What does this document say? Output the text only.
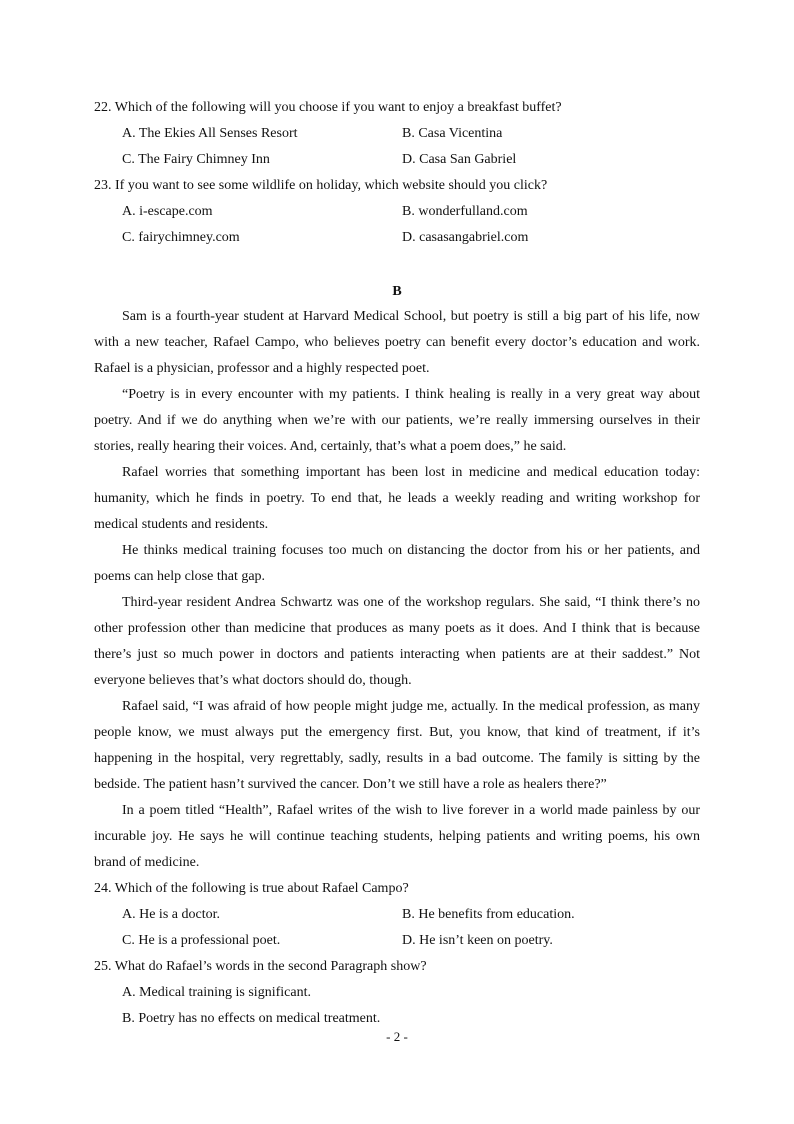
22. Which of the following will you choose if you want to enjoy a breakfast buffet?
A. The Ekies All Senses Resort	B. Casa Vicentina
C. The Fairy Chimney Inn	D. Casa San Gabriel
23. If you want to see some wildlife on holiday, which website should you click?
A. i-escape.com	B. wonderfulland.com
C. fairychimney.com	D. casasangabriel.com
B

Sam is a fourth-year student at Harvard Medical School, but poetry is still a big part of his life, now with a new teacher, Rafael Campo, who believes poetry can benefit every doctor’s education and work. Rafael is a physician, professor and a highly respected poet.

“Poetry is in every encounter with my patients. I think healing is really in a very great way about poetry. And if we do anything when we’re with our patients, we’re really immersing ourselves in their stories, really hearing their voices. And, certainly, that’s what a poem does,” he said.

Rafael worries that something important has been lost in medicine and medical education today: humanity, which he finds in poetry. To end that, he leads a weekly reading and writing workshop for medical students and residents.

He thinks medical training focuses too much on distancing the doctor from his or her patients, and poems can help close that gap.

Third-year resident Andrea Schwartz was one of the workshop regulars. She said, “I think there’s no other profession other than medicine that produces as many poets as it does. And I think that is because there’s just so much power in doctors and patients interacting when patients are at their saddest.” Not everyone believes that’s what doctors should do, though.

Rafael said, “I was afraid of how people might judge me, actually. In the medical profession, as many people know, we must always put the emergency first. But, you know, that kind of treatment, if it’s happening in the hospital, very regrettably, sadly, results in a bad outcome. The family is sitting by the bedside. The patient hasn’t survived the cancer. Don’t we still have a role as healers there?”

In a poem titled “Health”, Rafael writes of the wish to live forever in a world made painless by our incurable joy. He says he will continue teaching students, helping patients and writing poems, his own brand of medicine.

24. Which of the following is true about Rafael Campo?
A. He is a doctor.	B. He benefits from education.
C. He is a professional poet.	D. He isn’t keen on poetry.
25. What do Rafael’s words in the second Paragraph show?
A. Medical training is significant.
B. Poetry has no effects on medical treatment.
- 2 -
